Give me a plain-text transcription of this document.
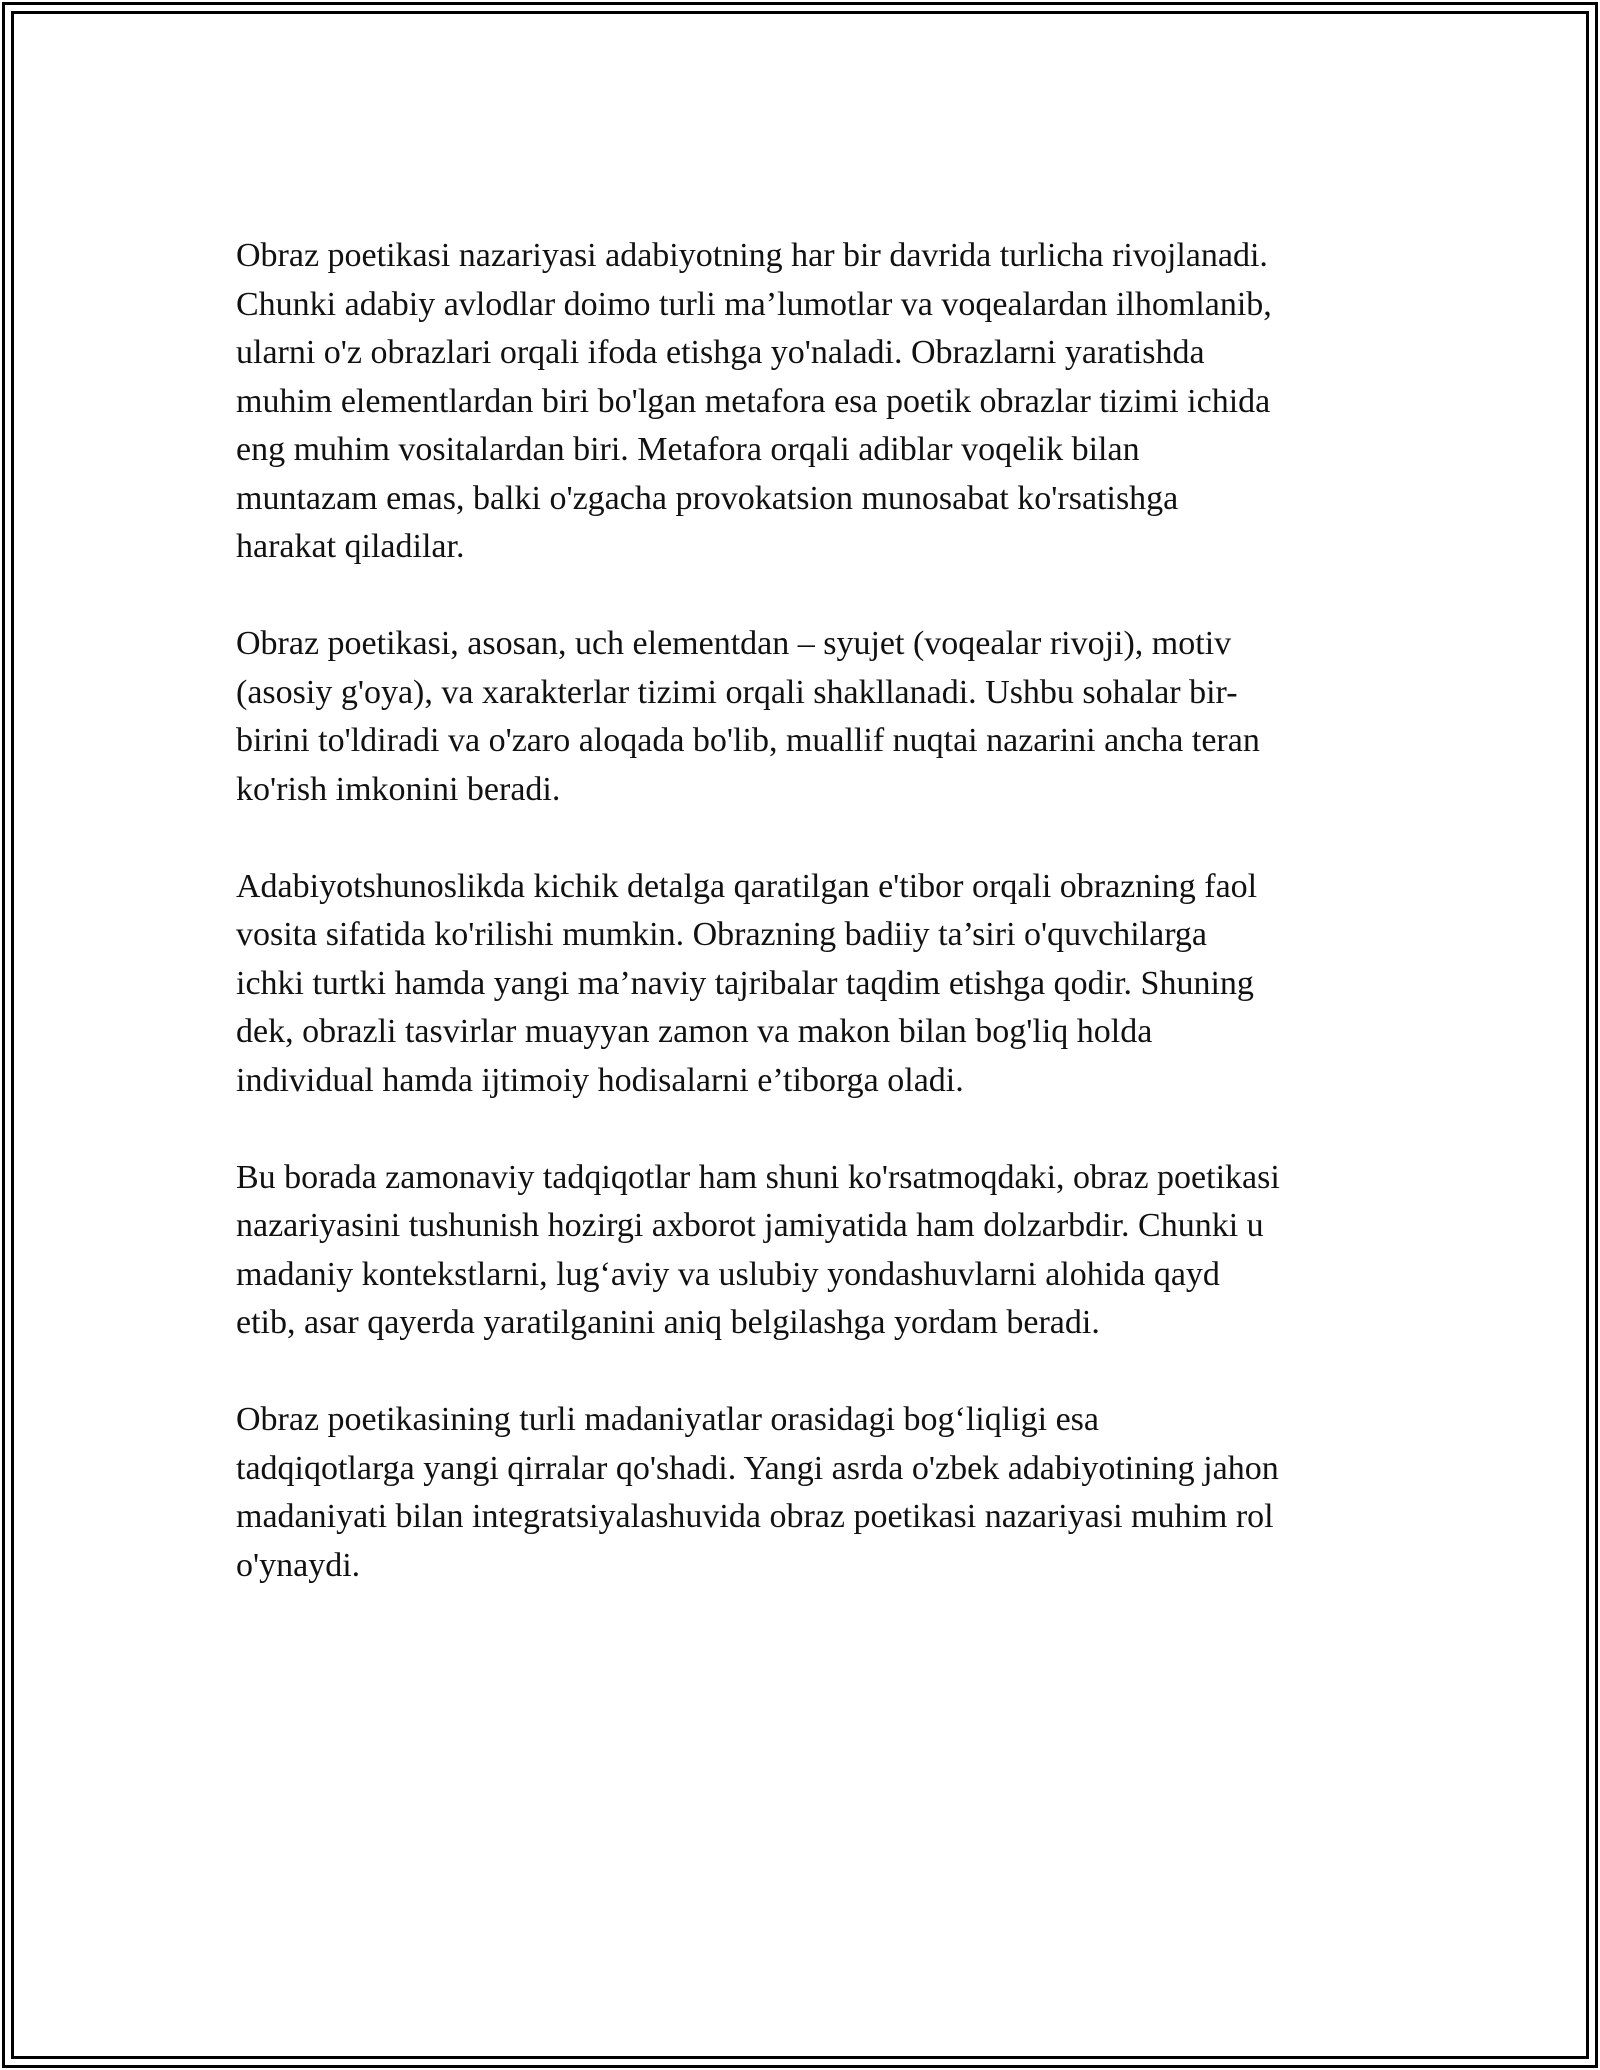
Obraz poetikasi nazariyasi adabiyotning har bir davrida turlicha rivojlanadi.
Chunki adabiy avlodlar doimo turli ma’lumotlar va voqealardan ilhomlanib,
ularni o'z obrazlari orqali ifoda etishga yo'naladi. Obrazlarni yaratishda
muhim elementlardan biri bo'lgan metafora esa poetik obrazlar tizimi ichida
eng muhim vositalardan biri. Metafora orqali adiblar voqelik bilan
muntazam emas, balki o'zgacha provokatsion munosabat ko'rsatishga
harakat qiladilar.

Obraz poetikasi, asosan, uch elementdan – syujet (voqealar rivoji), motiv
(asosiy g'oya), va xarakterlar tizimi orqali shakllanadi. Ushbu sohalar bir-
birini to'ldiradi va o'zaro aloqada bo'lib, muallif nuqtai nazarini ancha teran
ko'rish imkonini beradi.

Adabiyotshunoslikda kichik detalga qaratilgan e'tibor orqali obrazning faol
vosita sifatida ko'rilishi mumkin. Obrazning badiiy ta’siri o'quvchilarga
ichki turtki hamda yangi ma’naviy tajribalar taqdim etishga qodir. Shuning
dek, obrazli tasvirlar muayyan zamon va makon bilan bog'liq holda
individual hamda ijtimoiy hodisalarni e’tiborga oladi.

Bu borada zamonaviy tadqiqotlar ham shuni ko'rsatmoqdaki, obraz poetikasi
nazariyasini tushunish hozirgi axborot jamiyatida ham dolzarbdir. Chunki u
madaniy kontekstlarni, lug‘aviy va uslubiy yondashuvlarni alohida qayd
etib, asar qayerda yaratilganini aniq belgilashga yordam beradi.

Obraz poetikasining turli madaniyatlar orasidagi bog‘liqligi esa
tadqiqotlarga yangi qirralar qo'shadi. Yangi asrda o'zbek adabiyotining jahon
madaniyati bilan integratsiyalashuvida obraz poetikasi nazariyasi muhim rol
o'ynaydi.
